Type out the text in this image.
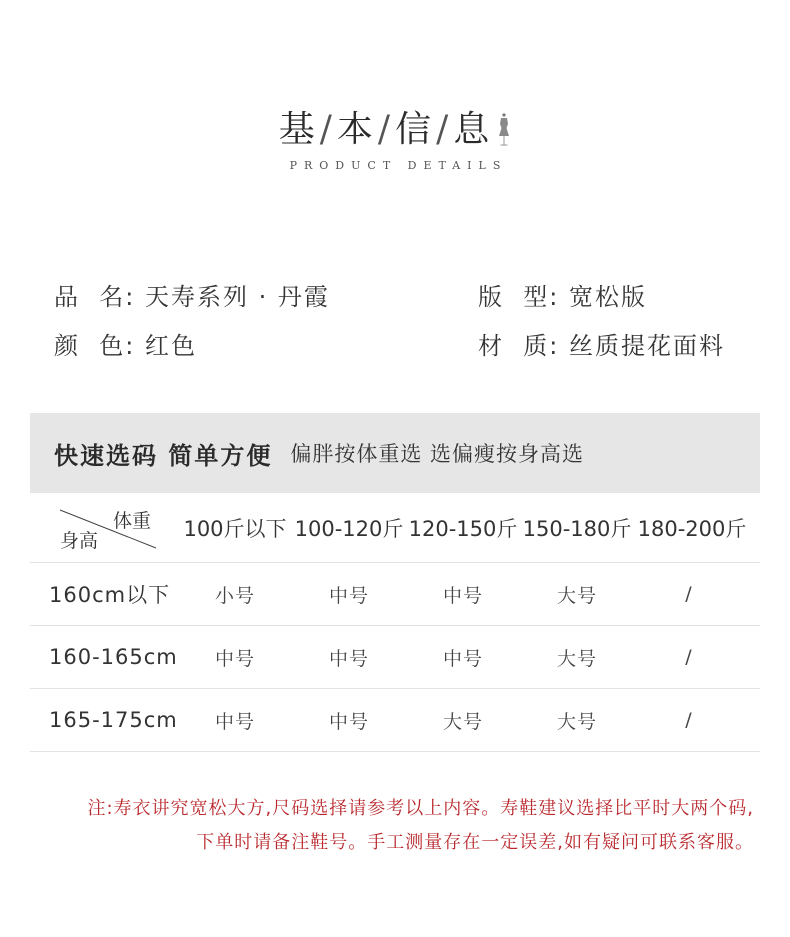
基 / 本 / 信 / 息
PRODUCT DETAILS
品  名: 天寿系列 · 丹霞
颜  色: 红色
版  型: 宽松版
材  质: 丝质提花面料
快速选码 简单方便 偏胖按体重选 选偏瘦按身高选
体重
身高
100斤以下 100-120斤 120-150斤 150-180斤 180-200斤
160cm以下	小号	中号	中号	大号	/
160-165cm	中号	中号	中号	大号	/
165-175cm	中号	中号	大号	大号	/
注:寿衣讲究宽松大方,尺码选择请参考以上内容。寿鞋建议选择比平时大两个码,
下单时请备注鞋号。手工测量存在一定误差,如有疑问可联系客服。
